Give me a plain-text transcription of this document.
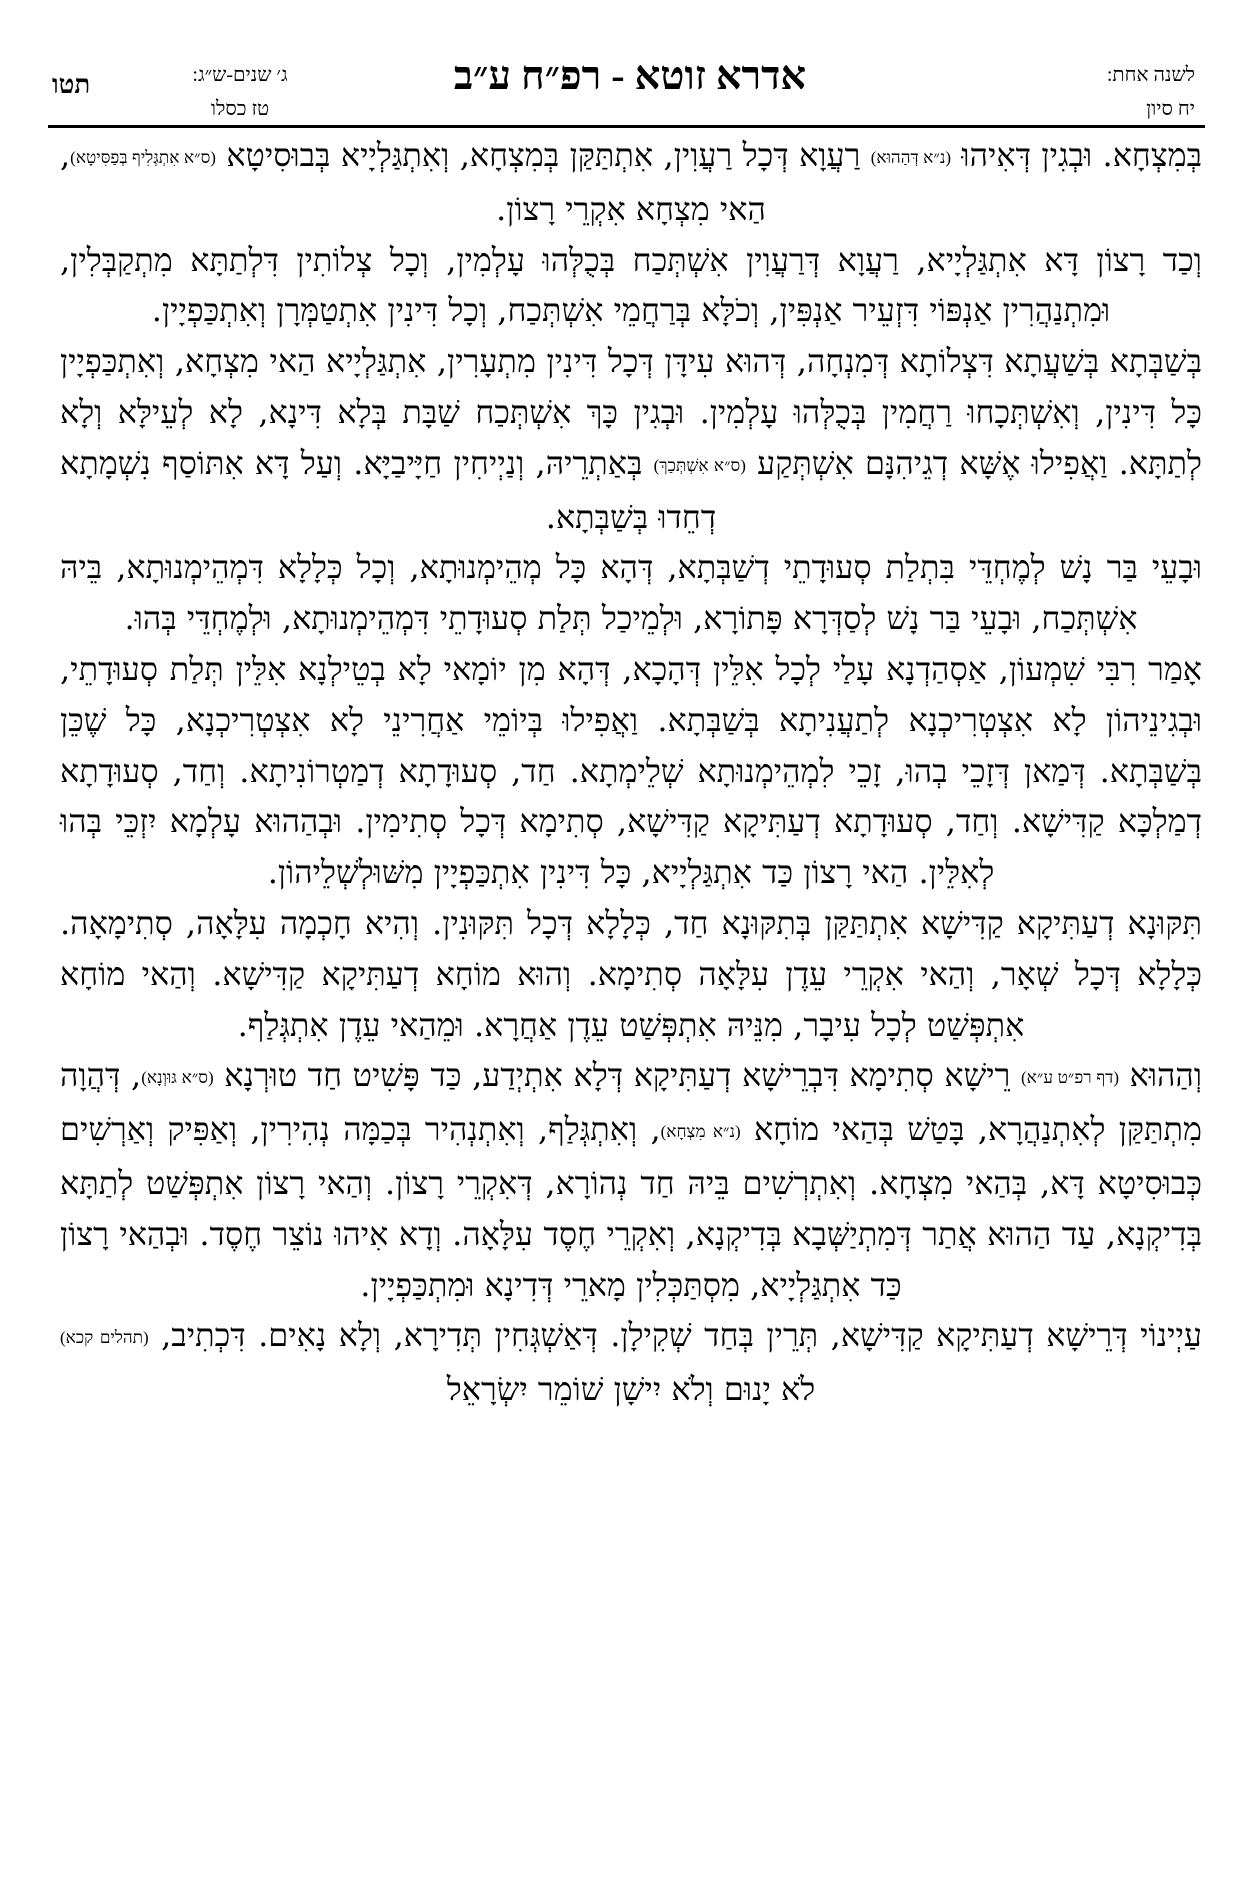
תטו	ג׳ שנים-ש״ג:
טז כסלו
אדרא זוטא - רפ״ח ע״ב	לשנה אחת:
יח סיון

בְּמִצְחָא. וּבְגִין דְּאִיהוּ (נ״א דְּהַהוּא) רַעֲוָא דְּכָל רַעֲוִין, אִתְתַּקַּן בְּמִצְחָא, וְאִתְגַּלְיָיא בְּבוּסִיטָא (ס״א אִתְגְּלִיף בְּפַסִּיטָא), הַאי מִצְחָא אִקְרֵי רָצוֹן.

וְכַד רָצוֹן דָּא אִתְגַּלְיָיא, רַעֲוָא דְּרַעֲוִין אִשְׁתְּכַח בְּכֻלְּהוּ עָלְמִין, וְכָל צְלוֹתִין דִּלְתַתָּא מִתְקַבְּלִין, וּמִתְנַהֲרִין אַנְפּוֹי דִּזְעֵיר אַנְפִּין, וְכֹלָּא בְּרַחֲמֵי אִשְׁתְּכַח, וְכָל דִּינִין אִתְטַמְּרָן וְאִתְכַּפְיָין.

בְּשַׁבְּתָא בְּשַׁעֲתָא דִּצְלוֹתָא דְּמִנְחָה, דְּהוּא עִידָּן דְּכָל דִּינִין מִתְעָרִין, אִתְגַּלְיָיא הַאי מִצְחָא, וְאִתְכַּפְיָין כָּל דִּינִין, וְאִשְׁתְּכָחוּ רַחֲמִין בְּכֻלְּהוּ עָלְמִין. וּבְגִין כָּךְ אִשְׁתְּכַח שַׁבָּת בְּלָא דִּינָא, לָא לְעֵילָּא וְלָא לְתַתָּא. וַאֲפִילוּ אֶשָּׁא דְגֵיהִנָּם אִשְׁתְּקַע (ס״א אִשְׁתְּכַךְ) בְּאַתְרֵיהּ, וְנַיְיחִין חַיָּיבַיָּא. וְעַל דָּא אִתּוֹסַף נִשְׁמָתָא דְחֵדוּ בְּשַׁבְּתָא.

וּבָעֵי בַּר נָשׁ לְמֶחְדֵּי בִּתְלַת סְעוּדָתֵי דְשַׁבְּתָא, דְּהָא כָּל מְהֵימְנוּתָא, וְכָל כְּלָלָא דִּמְהֵימְנוּתָא, בֵּיהּ אִשְׁתְּכַח, וּבָעֵי בַּר נָשׁ לְסַדְּרָא פָּתוֹרָא, וּלְמֵיכַל תְּלַת סְעוּדָתֵי דִּמְהֵימְנוּתָא, וּלְמֶחְדֵּי בְּהוּ.

אָמַר רִבִּי שִׁמְעוֹן, אַסְהַדְנָא עָלַי לְכָל אִלֵּין דְּהָכָא, דְּהָא מִן יוֹמָאי לָא בְטֵילְנָא אִלֵּין תְּלַת סְעוּדָתֵי, וּבְגִינֵיהוֹן לָא אִצְטְרִיכְנָא לְתַעֲנִיתָא בְּשַׁבְּתָא. וַאֲפִילוּ בְּיוֹמֵי אַחֲרִינֵי לָא אִצְטְרִיכְנָא, כָּל שֶׁכֵּן בְּשַׁבְּתָא. דְּמַאן דְּזָכֵי בְהוּ, זָכֵי לִמְהֵימְנוּתָא שְׁלֵימְתָא. חַד, סְעוּדָתָא דְמַטְרוֹנִיתָא. וְחַד, סְעוּדָתָא דְמַלְכָּא קַדִּישָׁא. וְחַד, סְעוּדָתָא דְעַתִּיקָא קַדִּישָׁא, סְתִימָא דְּכָל סְתִימִין. וּבְהַהוּא עָלְמָא יִזְכֵּי בְּהוּ לְאִלֵּין. הַאי רָצוֹן כַּד אִתְגַּלְיָיא, כָּל דִּינִין אִתְכַּפְיָין מִשּׁוּלְשְׁלֵיהוֹן.

תִּקּוּנָא דְעַתִּיקָא קַדִּישָׁא אִתְתַּקַּן בְּתִקּוּנָא חַד, כְּלָלָא דְּכָל תִּקּוּנִין. וְהִיא חָכְמָה עִלָּאָה, סְתִימָאָה. כְּלָלָא דְּכָל שְׁאָר, וְהַאי אִקְרֵי עֵדֶן עִלָּאָה סְתִימָא. וְהוּא מוֹחָא דְעַתִּיקָא קַדִּישָׁא. וְהַאי מוֹחָא אִתְפְּשַׁט לְכָל עִיבָר, מִנֵּיהּ אִתְפְּשַׁט עֵדֶן אַחֲרָא. וּמֵהַאי עֵדֶן אִתְגְּלַף.

וְהַהוּא (דף רפ״ט ע״א) רֵישָׁא סְתִימָא דִּבְרֵישָׁא דְעַתִּיקָא דְּלָא אִתְיְדַע, כַּד פָּשִׁיט חַד טוּרְנָא (ס״א גּוּוְנָא), דְּהֲוָה מִתְתַּקַּן לְאִתְנַהֲרָא, בָּטַשׁ בְּהַאי מוֹחָא (נ״א מִצְחָא), וְאִתְגְּלַף, וְאִתְנְהִיר בְּכַמָּה נְהִירִין, וְאַפִּיק וְאַרְשִׁים כְּבוּסִיטָא דָּא, בְּהַאי מִצְחָא. וְאִתְרְשִׁים בֵּיהּ חַד נְהוֹרָא, דְּאִקְרֵי רָצוֹן. וְהַאי רָצוֹן אִתְפְּשַׁט לְתַתָּא בְּדִיקְנָא, עַד הַהוּא אֲתַר דְּמִתְיַשְּׁבָא בְּדִיקְנָא, וְאִקְרֵי חֶסֶד עִלָּאָה. וְדָא אִיהוּ נוֹצֵר חֶסֶד. וּבְהַאי רָצוֹן כַּד אִתְגַּלְיָיא, מִסְתַּכְּלִין מָארֵי דְּדִינָא וּמִתְכַּפְיָין.

עַיְינוֹי דְּרֵישָׁא דְעַתִּיקָא קַדִּישָׁא, תְּרֵין בְּחַד שְׁקִילָן. דְּאַשְׁגְּחִין תְּדִירָא, וְלָא נָאִים. דִּכְתִיב, (תהלים קכא) לֹא יָנוּם וְלֹא יִישָׁן שׁוֹמֵר יִשְׂרָאֵל
